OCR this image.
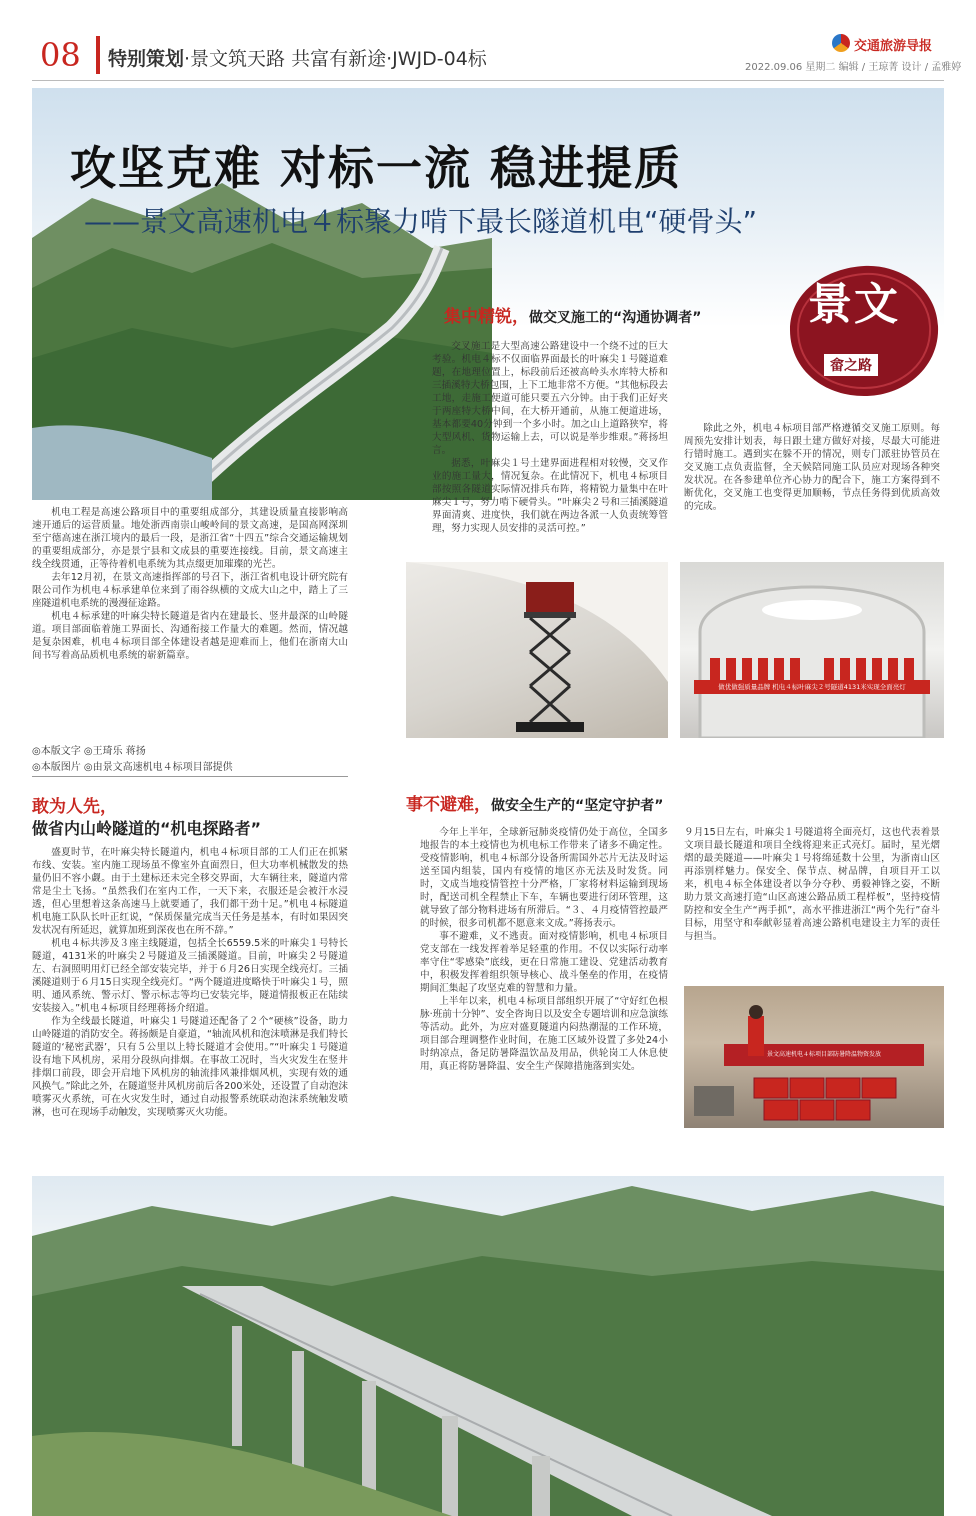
08 特别策划·景文筑天路 共富有新途·JWJD-04标
交通旅游导报
2022.09.06 星期二 编辑 / 王琼菁 设计 / 孟雅婷
攻坚克难 对标一流 稳进提质
——景文高速机电４标聚力啃下最长隧道机电“硬骨头”
景文
畲之路
集中精锐，做交叉施工的“沟通协调者”

交叉施工是大型高速公路建设中一个绕不过的巨大考验。机电４标不仅面临界面最长的叶麻尖１号隧道难题，在地理位置上，标段前后还被高岭头水库特大桥和三插溪特大桥包围，上下工地非常不方便。“其他标段去工地，走施工便道可能只要五六分钟。由于我们正好夹于两座特大桥中间，在大桥开通前，从施工便道进场，基本都要40分钟到一个多小时。加之山上道路狭窄，将大型风机、货物运输上去，可以说是举步维艰。”蒋扬坦言。

据悉，叶麻尖１号土建界面进程相对较慢，交叉作业的施工量大，情况复杂。在此情况下，机电４标项目部按照各隧道实际情况排兵布阵，将精锐力量集中在叶麻尖１号，努力啃下硬骨头。“叶麻尖２号和三插溪隧道界面清爽、进度快，我们就在两边各派一人负责统筹管理，努力实现人员安排的灵活可控。”

除此之外，机电４标项目部严格遵循交叉施工原则。每周预先安排计划表，每日跟土建方做好对接，尽最大可能进行错时施工。遇到实在躲不开的情况，则专门派驻协管员在交叉施工点负责监督，全天候陪同施工队员应对现场各种突发状况。在各参建单位齐心协力的配合下，施工方案得到不断优化，交叉施工也变得更加顺畅，节点任务得到优质高效的完成。

机电工程是高速公路项目中的重要组成部分，其建设质量直接影响高速开通后的运营质量。地处浙西南崇山峻岭间的景文高速，是国高网深圳至宁德高速在浙江境内的最后一段，是浙江省“十四五”综合交通运输规划的重要组成部分，亦是景宁县和文成县的重要连接线。目前，景文高速主线全线贯通，正等待着机电系统为其点缀更加璀璨的光芒。

去年12月初，在景文高速指挥部的号召下，浙江省机电设计研究院有限公司作为机电４标承建单位来到了雨谷纵横的文成大山之中，踏上了三座隧道机电系统的漫漫征途路。

机电４标承建的叶麻尖特长隧道是省内在建最长、竖井最深的山岭隧道。项目部面临着施工界面长、沟通衔接工作量大的难题。然而，情况越是复杂困难，机电４标项目部全体建设者越是迎难而上，他们在浙南大山间书写着高品质机电系统的崭新篇章。

做优做强质量品牌 机电４标叶麻尖２号隧道4131米实现全面亮灯
◎本版文字 ◎王琦乐 蒋扬
◎本版图片 ◎由景文高速机电４标项目部提供
敢为人先，
做省内山岭隧道的“机电探路者”

盛夏时节，在叶麻尖特长隧道内，机电４标项目部的工人们正在抓紧布线、安装。室内施工现场虽不像室外直面烈日，但大功率机械散发的热量仍旧不容小觑。由于土建标还未完全移交界面，大车辆往来，隧道内常常是尘土飞扬。“虽然我们在室内工作，一天下来，衣服还是会被汗水浸透，但心里想着这条高速马上就要通了，我们都干劲十足。”机电４标隧道机电施工队队长叶正红说，“保质保量完成当天任务是基本，有时如果因突发状况有所延迟，就算加班到深夜也在所不辞。”

机电４标共涉及３座主线隧道，包括全长6559.5米的叶麻尖１号特长隧道，4131米的叶麻尖２号隧道及三插溪隧道。目前，叶麻尖２号隧道左、右洞照明用灯已经全部安装完毕，并于６月26日实现全线亮灯。三插溪隧道则于６月15日实现全线亮灯。“两个隧道进度略快于叶麻尖１号，照明、通风系统、警示灯、警示标志等均已安装完毕，隧道情报板正在陆续安装接入。”机电４标项目经理蒋扬介绍道。

作为全线最长隧道，叶麻尖１号隧道还配备了２个“硬核”设备，助力山岭隧道的消防安全。蒋扬颇是自豪道，“轴流风机和泡沫喷淋是我们特长隧道的‘秘密武器’，只有５公里以上特长隧道才会使用。”“叶麻尖１号隧道设有地下风机房，采用分段纵向排烟。在事故工况时，当火灾发生在竖井排烟口前段，即会开启地下风机房的轴流排风兼排烟风机，实现有效的通风换气。”除此之外，在隧道竖井风机房前后各200米处，还设置了自动泡沫喷雾灭火系统，可在火灾发生时，通过自动报警系统联动泡沫系统触发喷淋，也可在现场手动触发，实现喷雾灭火功能。

事不避难，做安全生产的“坚定守护者”

今年上半年，全球新冠肺炎疫情仍处于高位，全国多地报告的本土疫情也为机电标工作带来了诸多不确定性。受疫情影响，机电４标部分设备所需国外芯片无法及时运送至国内组装，国内有疫情的地区亦无法及时发货。同时，文成当地疫情管控十分严格，厂家将材料运输到现场时，配送司机全程禁止下车，车辆也要进行闭环管理，这就导致了部分物料进场有所滞后。“３、４月疫情管控最严的时候，很多司机都不愿意来文成。”蒋扬表示。

事不避难，义不逃责。面对疫情影响，机电４标项目党支部在一线发挥着举足轻重的作用。不仅以实际行动率率守住“零感染”底线，更在日常施工建设、党建活动教育中，积极发挥着组织领导核心、战斗堡垒的作用，在疫情期间汇集起了攻坚克难的智慧和力量。

上半年以来，机电４标项目部组织开展了“守好红色根脉·班前十分钟”、安全咨询日以及安全专题培训和应急演练等活动。此外，为应对盛夏隧道内闷热潮湿的工作环境，项目部合理调整作业时间，在施工区域外设置了多处24小时纳凉点，备足防暑降温饮品及用品，供轮岗工人休息使用，真正将防暑降温、安全生产保障措施落到实处。

９月15日左右，叶麻尖１号隧道将全面亮灯，这也代表着景文项目最长隧道和项目全线将迎来正式亮灯。届时，星光熠熠的最美隧道——叶麻尖１号将绵延数十公里，为浙南山区再添别样魅力。保安全、保节点、树品牌，自项目开工以来，机电４标全体建设者以争分夺秒、勇毅神锋之姿，不断助力景文高速打造“山区高速公路品质工程样板”，坚持疫情防控和安全生产“两手抓”，高水平推进浙江“两个先行”奋斗目标，用坚守和奉献彰显着高速公路机电建设主力军的责任与担当。

景文高速机电４标项目部防暑降温物资发放
